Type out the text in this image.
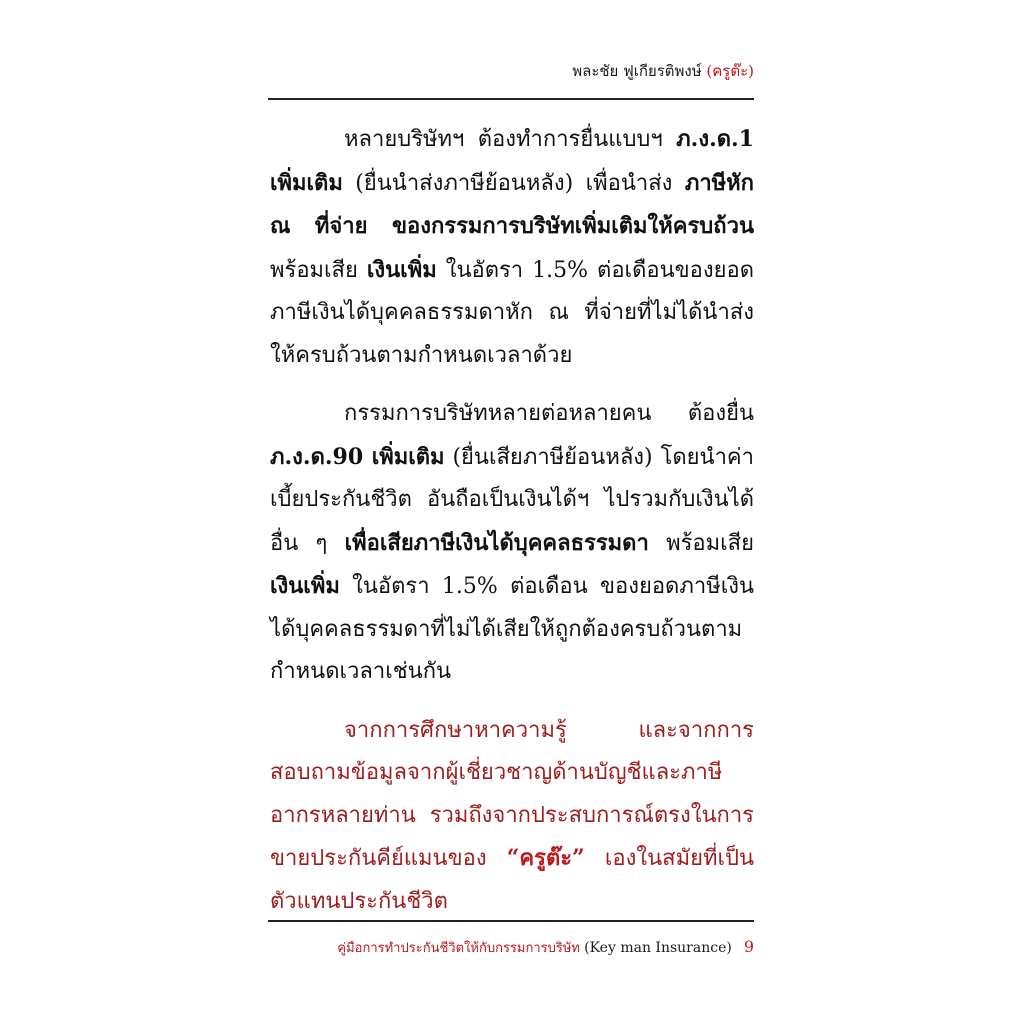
พละชัย ฟูเกียรติพงษ์ (ครูต๊ะ)

หลายบริษัทฯ ต้องทำการยื่นแบบฯ ภ.ง.ด.1 เพิ่มเติม (ยื่นนำส่งภาษีย้อนหลัง) เพื่อนำส่ง ภาษีหัก ณ ที่จ่าย ของกรรมการบริษัทเพิ่มเติมให้ครบถ้วน พร้อมเสีย เงินเพิ่ม ในอัตรา 1.5% ต่อเดือนของยอดภาษีเงินได้บุคคลธรรมดาหัก ณ ที่จ่ายที่ไม่ได้นำส่งให้ครบถ้วนตามกำหนดเวลาด้วย

กรรมการบริษัทหลายต่อหลายคน ต้องยื่น ภ.ง.ด.90 เพิ่มเติม (ยื่นเสียภาษีย้อนหลัง) โดยนำค่าเบี้ยประกันชีวิต อันถือเป็นเงินได้ฯ ไปรวมกับเงินได้อื่น ๆ เพื่อเสียภาษีเงินได้บุคคลธรรมดา พร้อมเสีย เงินเพิ่ม ในอัตรา 1.5% ต่อเดือน ของยอดภาษีเงินได้บุคคลธรรมดาที่ไม่ได้เสียให้ถูกต้องครบถ้วนตามกำหนดเวลาเช่นกัน

จากการศึกษาหาความรู้ และจากการสอบถามข้อมูลจากผู้เชี่ยวชาญด้านบัญชีและภาษีอากรหลายท่าน รวมถึงจากประสบการณ์ตรงในการขายประกันคีย์แมนของ “ครูต๊ะ” เองในสมัยที่เป็นตัวแทนประกันชีวิต

คู่มือการทำประกันชีวิตให้กับกรรมการบริษัท (Key man Insurance) 9
